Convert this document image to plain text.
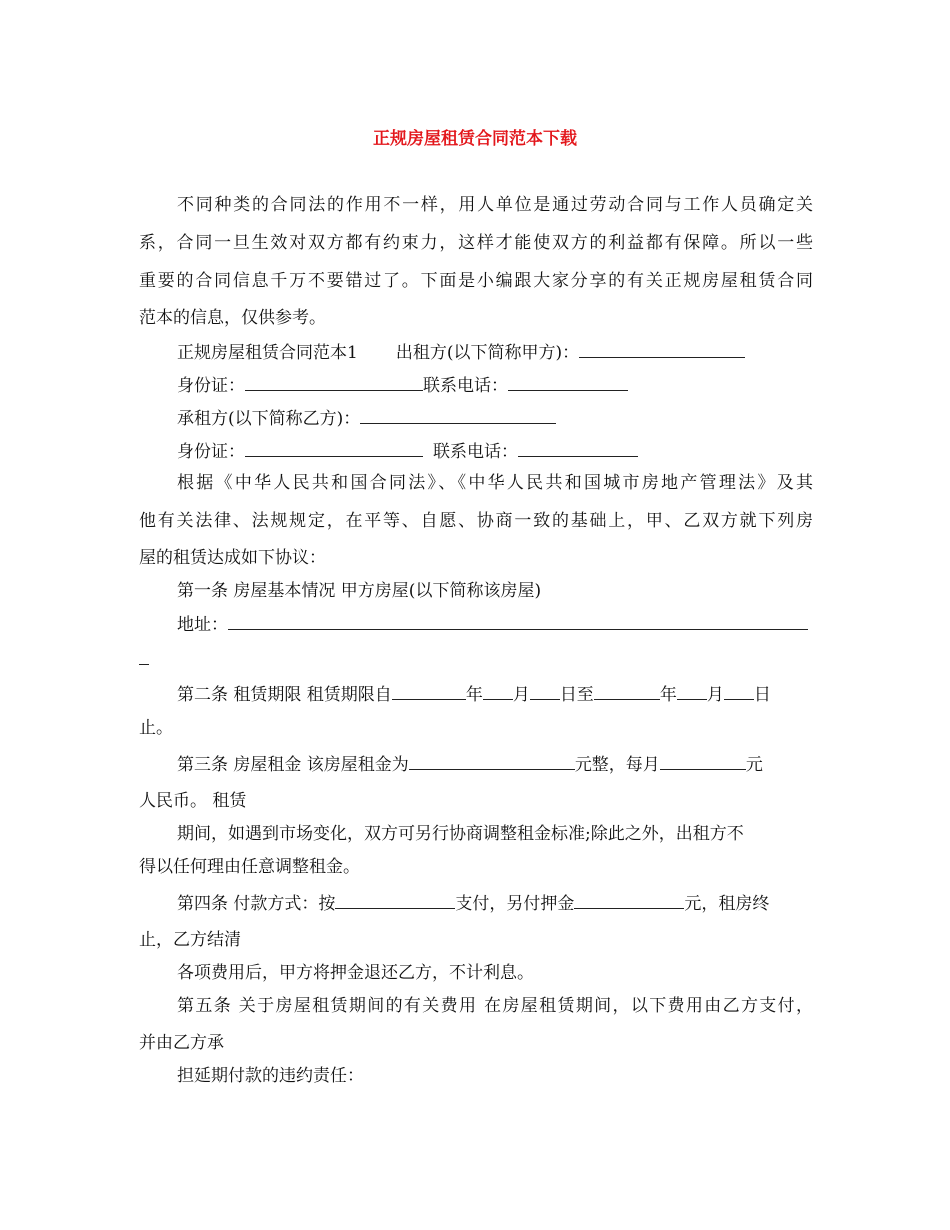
正规房屋租赁合同范本下载
不同种类的合同法的作用不一样，用人单位是通过劳动合同与工作人员确定关
系，合同一旦生效对双方都有约束力，这样才能使双方的利益都有保障。所以一些
重要的合同信息千万不要错过了。下面是小编跟大家分享的有关正规房屋租赁合同
范本的信息，仅供参考。
正规房屋租赁合同范本1 出租方(以下简称甲方)：
身份证：	联系电话：
承租方(以下简称乙方)：
身份证：	联系电话：
根据《中华人民共和国合同法》、《中华人民共和国城市房地产管理法》及其
他有关法律、法规规定，在平等、自愿、协商一致的基础上，甲、乙双方就下列房
屋的租赁达成如下协议：
第一条 房屋基本情况 甲方房屋(以下简称该房屋)
地址：
第二条 租赁期限 租赁期限自	年 月 日至	年 月 日
止。
第三条 房屋租金 该房屋租金为	元整，每月	元
人民币。 租赁
期间，如遇到市场变化，双方可另行协商调整租金标准;除此之外，出租方不
得以任何理由任意调整租金。
第四条 付款方式：按	支付，另付押金	元，租房终
止，乙方结清
各项费用后，甲方将押金退还乙方，不计利息。
第五条 关于房屋租赁期间的有关费用 在房屋租赁期间，以下费用由乙方支付，
并由乙方承
担延期付款的违约责任：
